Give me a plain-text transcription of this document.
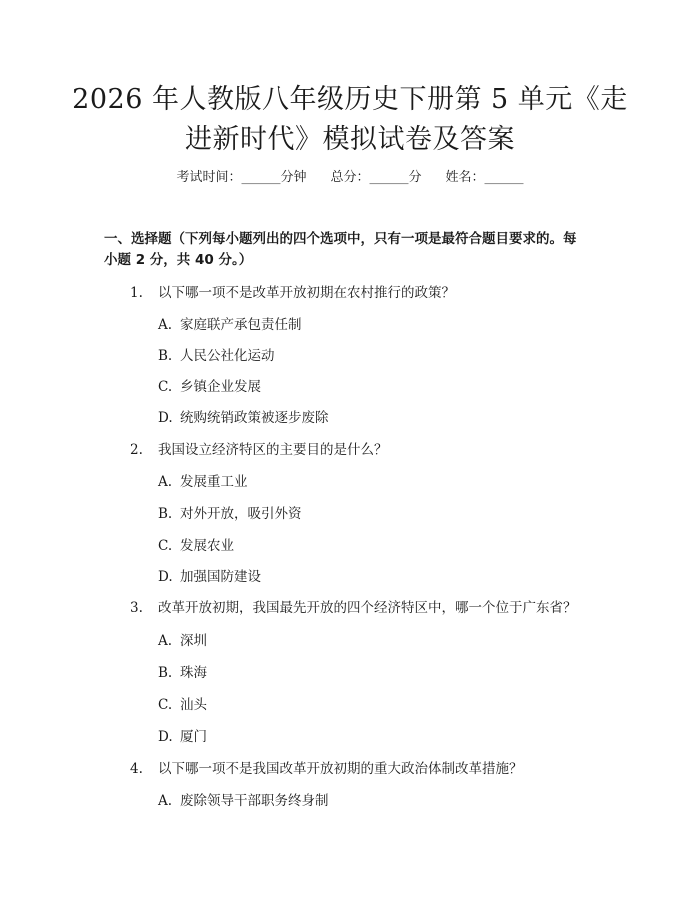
2026 年人教版八年级历史下册第 5 单元《走
进新时代》模拟试卷及答案
考试时间：______分钟 总分：______分 姓名：______
一、选择题（下列每小题列出的四个选项中，只有一项是最符合题目要求的。每
小题 2 分，共 40 分。）
1. 以下哪一项不是改革开放初期在农村推行的政策？
A. 家庭联产承包责任制
B. 人民公社化运动
C. 乡镇企业发展
D. 统购统销政策被逐步废除
2. 我国设立经济特区的主要目的是什么？
A. 发展重工业
B. 对外开放，吸引外资
C. 发展农业
D. 加强国防建设
3. 改革开放初期，我国最先开放的四个经济特区中，哪一个位于广东省？
A. 深圳
B. 珠海
C. 汕头
D. 厦门
4. 以下哪一项不是我国改革开放初期的重大政治体制改革措施？
A. 废除领导干部职务终身制
